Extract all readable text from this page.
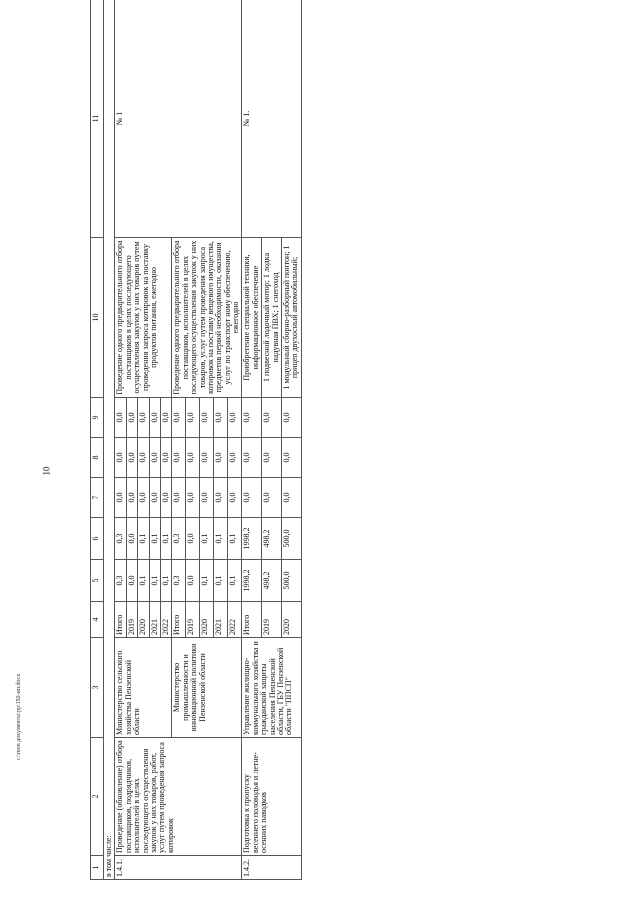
10
1	2	3	4	5	6	7	8	9	10	11
в том числе:										
1.4.1.	Проведение (обновление) отбора поставщиков, подрядчиков, исполнителей в целях последующего осуществления закупок у них товаров, работ, услуг путем проведения запроса котировок	Министерство сельского хозяйства Пензенской области	Итого	0,3	0,3	0,0	0,0	0,0	Проведение одного предварительного отбора поставщиков в целях последующего осуществления закупок у них товаров путем проведения запроса котировок на поставку продуктов питания, ежегодно	№ 1
			2019	0,0	0,0	0,0	0,0	0,0		
			2020	0,1	0,1	0,0	0,0	0,0		
			2021	0,1	0,1	0,0	0,0	0,0		
			2022	0,1	0,1	0,0	0,0	0,0		
		Министерство промышленности и инновационной политики Пензенской области	Итого	0,3	0,3	0,0	0,0	0,0	Проведение одного предварительного отбора поставщиков, исполнителей в целях последующего осуществления закупок у них товаров, услуг путем проведения запроса котировок на поставку вещевого имущества, предметов первой необходимости, оказания услуг по транспорт ному обеспечению, ежегодно	
			2019	0,0	0,0	0,0	0,0	0,0		
			2020	0,1	0,1	0,0	0,0	0,0		
			2021	0,1	0,1	0,0	0,0	0,0		
			2022	0,1	0,1	0,0	0,0	0,0		
1.4.2.	Подготовка к пропуску весеннего половодья и летне-осенних паводков	Управление жилищно-коммунального хозяйства и гражданской защиты населения Пензенской области, ГБУ Пензенской области "ППСП"	Итого	1998,2	1998,2	0,0	0,0	0,0	Приобретение специальной техники, информационное обеспечение	№ 1.
			2019	498,2	498,2	0,0	0,0	0,0	1 подвесной лодочный мотор; 1 лодка надувная ПВХ; 1 снегоход	
			2020	500,0	500,0	0,0	0,0	0,0	1 модульный сборно-разборный понтон; 1 прицеп двухосный автомобильный;	
c:\mon документы\pp\192-ип.docx
